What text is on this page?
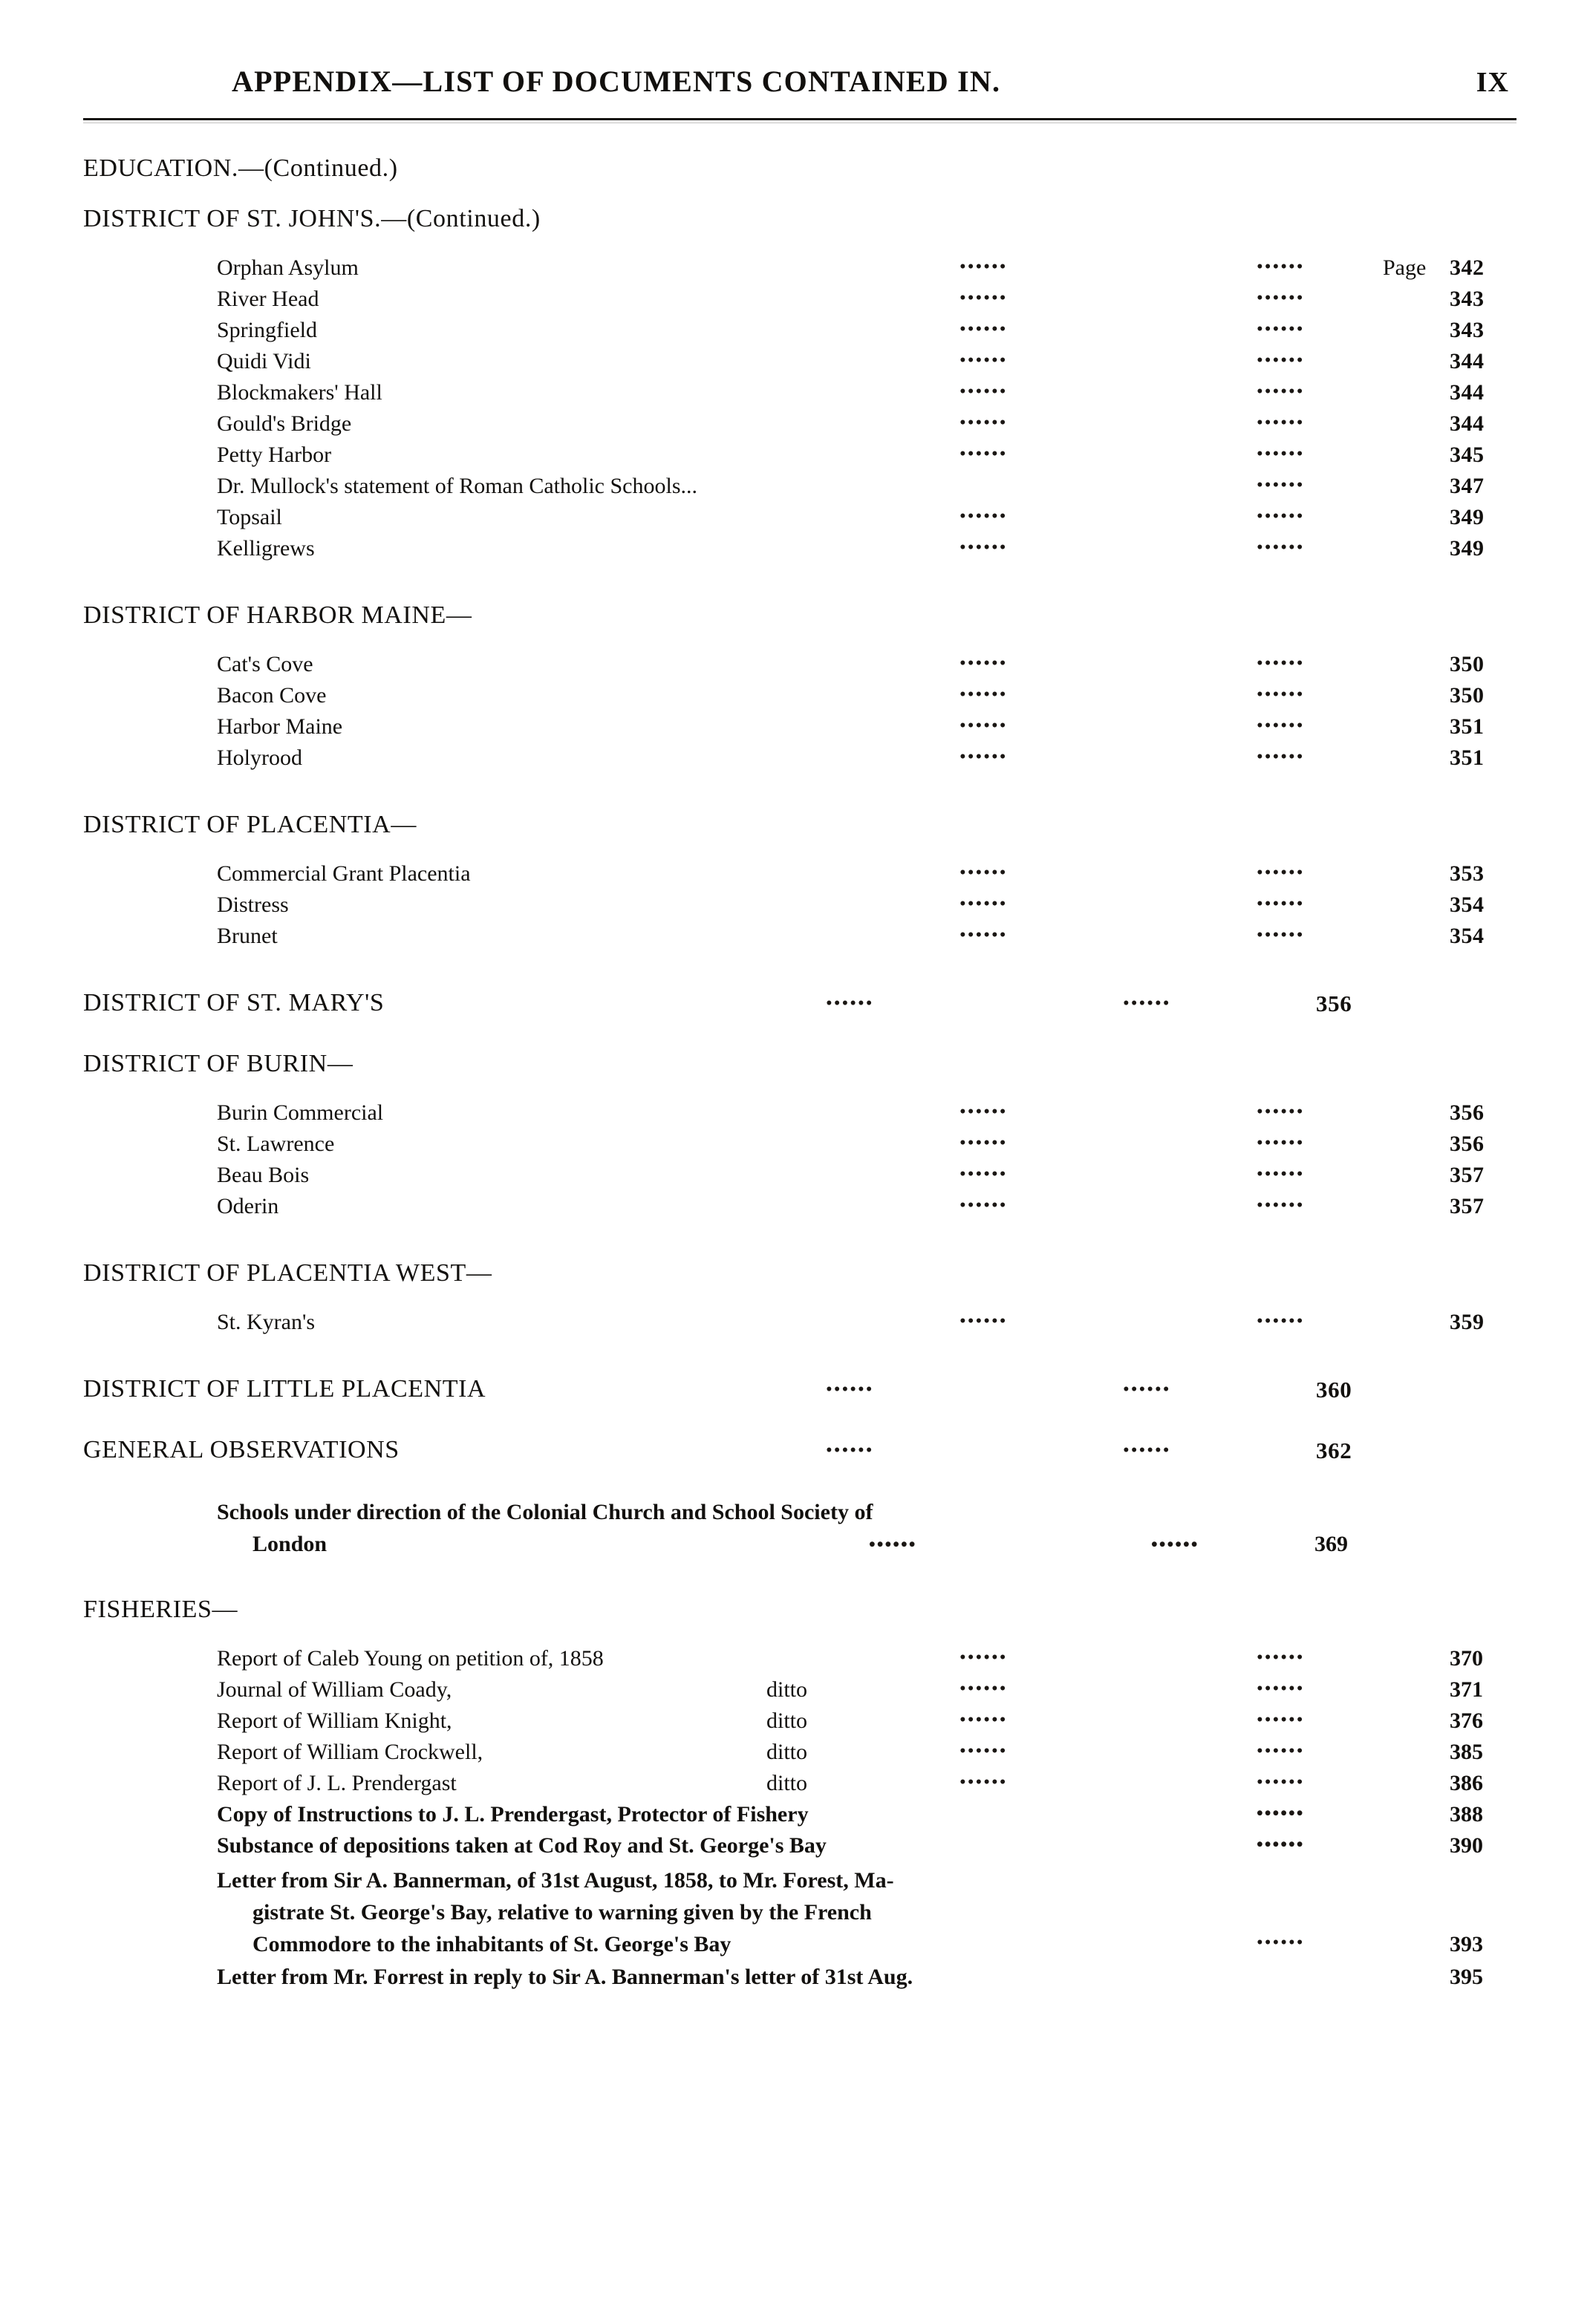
APPENDIX—LIST OF DOCUMENTS CONTAINED IN.	IX
EDUCATION.—(Continued.)
DISTRICT OF ST. JOHN'S.—(Continued.)
Orphan Asylum	••••••	••••••	Page 342
River Head	••••••	••••••	343
Springfield	••••••	••••••	343
Quidi Vidi	••••••	••••••	344
Blockmakers' Hall	••••••	••••••	344
Gould's Bridge	••••••	••••••	344
Petty Harbor	••••••	••••••	345
Dr. Mullock's statement of Roman Catholic Schools...	••••••	347
Topsail	••••••	••••••	349
Kelligrews	••••••	••••••	349
DISTRICT OF HARBOR MAINE—
Cat's Cove	••••••	••••••	350
Bacon Cove	••••••	••••••	350
Harbor Maine	••••••	••••••	351
Holyrood	••••••	••••••	351
DISTRICT OF PLACENTIA—
Commercial Grant Placentia	••••••	••••••	353
Distress	••••••	••••••	354
Brunet	••••••	••••••	354
DISTRICT OF ST. MARY'S	••••••	••••••	356
DISTRICT OF BURIN—
Burin Commercial	••••••	••••••	356
St. Lawrence	••••••	••••••	356
Beau Bois	••••••	••••••	357
Oderin	••••••	••••••	357
DISTRICT OF PLACENTIA WEST—
St. Kyran's	••••••	••••••	359
DISTRICT OF LITTLE PLACENTIA	••••••	••••••	360
GENERAL OBSERVATIONS	••••••	••••••	362
Schools under direction of the Colonial Church and School Society of
London	••••••	••••••	369
FISHERIES—
Report of Caleb Young on petition of, 1858	••••••	••••••	370
Journal of William Coady,	ditto	••••••	••••••	371
Report of William Knight,	ditto	••••••	••••••	376
Report of William Crockwell,	ditto	••••••	••••••	385
Report of J. L. Prendergast	ditto	••••••	••••••	386
Copy of Instructions to J. L. Prendergast, Protector of Fishery	••••••	388
Substance of depositions taken at Cod Roy and St. George's Bay	••••••	390
Letter from Sir A. Bannerman, of 31st August, 1858, to Mr. Forest, Ma-
gistrate St. George's Bay, relative to warning given by the French
Commodore to the inhabitants of St. George's Bay	••••••	393
Letter from Mr. Forrest in reply to Sir A. Bannerman's letter of 31st Aug.	395
